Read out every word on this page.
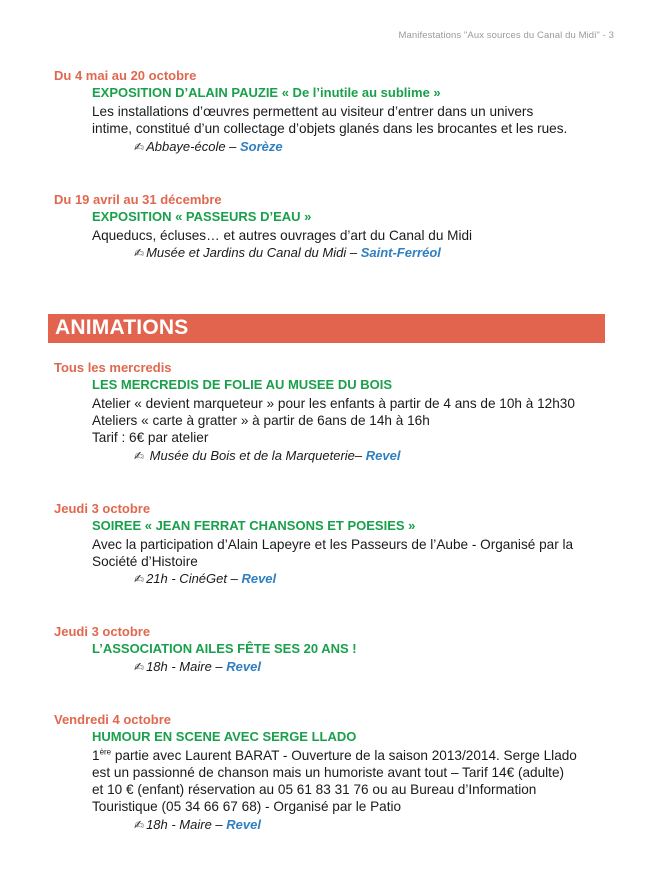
Manifestations "Aux sources du Canal du Midi" - 3
Du 4 mai au 20 octobre
EXPOSITION D’ALAIN PAUZIE « De l’inutile au sublime »

Les installations d’œuvres permettent au visiteur d’entrer dans un univers

intime, constitué d’un collectage d’objets glanés dans les brocantes et les rues.

✍ Abbaye-école – Sorèze
Du 19 avril au 31 décembre
EXPOSITION « PASSEURS D’EAU »

Aqueducs, écluses… et autres ouvrages d’art du Canal du Midi

✍ Musée et Jardins du Canal du Midi – Saint-Ferréol
ANIMATIONS
Tous les mercredis
LES MERCREDIS DE FOLIE AU MUSEE DU BOIS

Atelier « devient marqueteur » pour les enfants à partir de 4 ans de 10h à 12h30

Ateliers « carte à gratter » à partir de 6ans de 14h à 16h

Tarif : 6€ par atelier

✍ Musée du Bois et de la Marqueterie– Revel
Jeudi 3 octobre
SOIREE « JEAN FERRAT CHANSONS ET POESIES »

Avec la participation d’Alain Lapeyre et les Passeurs de l’Aube - Organisé par la

Société d’Histoire

✍ 21h - CinéGet – Revel
Jeudi 3 octobre
L’ASSOCIATION AILES FÊTE SES 20 ANS !
✍ 18h - Maire – Revel
Vendredi 4 octobre
HUMOUR EN SCENE AVEC SERGE LLADO

1ère partie avec Laurent BARAT - Ouverture de la saison 2013/2014. Serge Llado

est un passionné de chanson mais un humoriste avant tout – Tarif 14€ (adulte)

et 10 € (enfant) réservation au 05 61 83 31 76 ou au Bureau d’Information

Touristique (05 34 66 67 68) - Organisé par le Patio

✍ 18h - Maire – Revel
